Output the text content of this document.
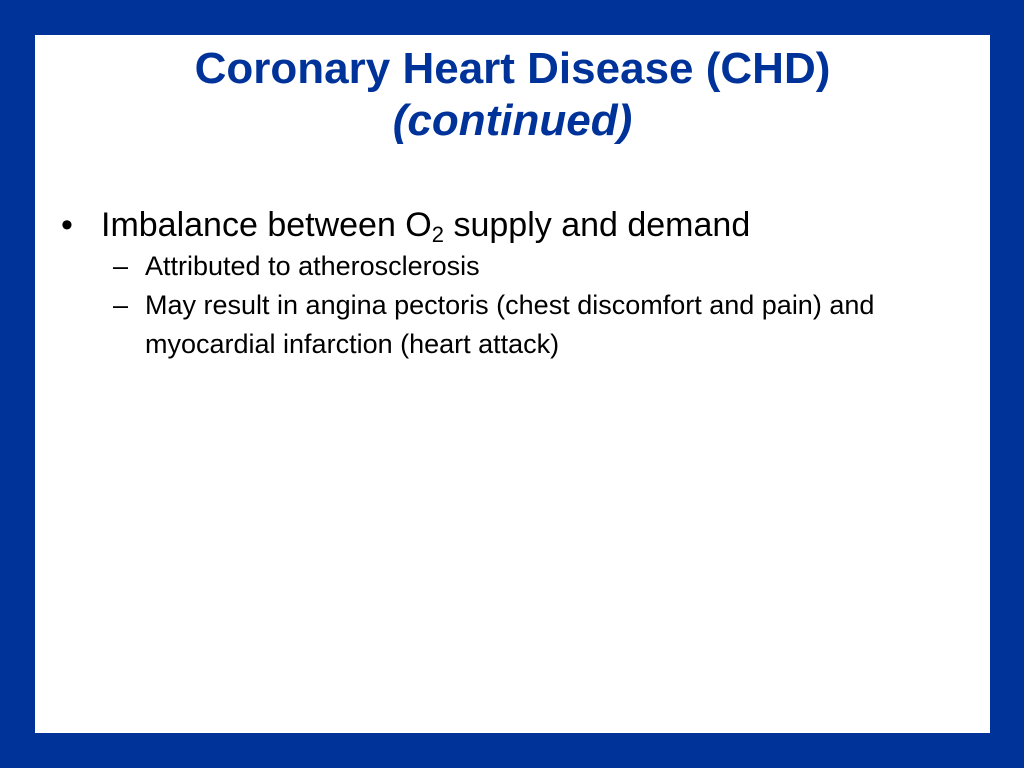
Coronary Heart Disease (CHD)
(continued)
• Imbalance between $O_2$ supply and demand
– Attributed to atherosclerosis
– May result in angina pectoris (chest discomfort and pain) and myocardial infarction (heart attack)
